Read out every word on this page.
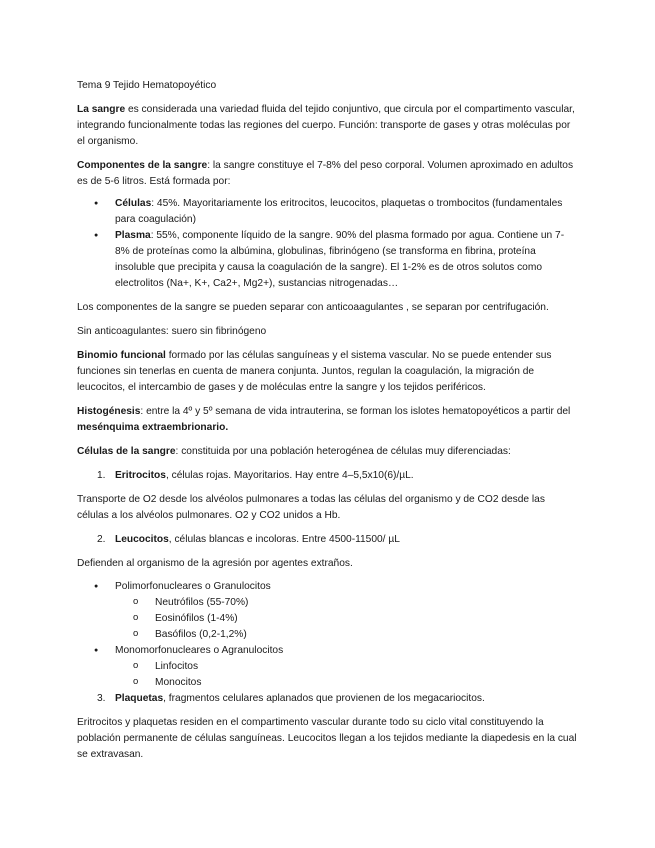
Tema 9 Tejido Hematopoyético

La sangre es considerada una variedad fluida del tejido conjuntivo, que circula por el compartimento vascular, integrando funcionalmente todas las regiones del cuerpo. Función: transporte de gases y otras moléculas por el organismo.

Componentes de la sangre: la sangre constituye el 7-8% del peso corporal. Volumen aproximado en adultos es de 5-6 litros. Está formada por:

● Células: 45%. Mayoritariamente los eritrocitos, leucocitos, plaquetas o trombocitos (fundamentales para coagulación)
● Plasma: 55%, componente líquido de la sangre. 90% del plasma formado por agua. Contiene un 7-8% de proteínas como la albúmina, globulinas, fibrinógeno (se transforma en fibrina, proteína insoluble que precipita y causa la coagulación de la sangre). El 1-2% es de otros solutos como electrolitos (Na+, K+, Ca2+, Mg2+), sustancias nitrogenadas…

Los componentes de la sangre se pueden separar con anticoaagulantes , se separan por centrifugación.

Sin anticoagulantes: suero sin fibrinógeno

Binomio funcional formado por las células sanguíneas y el sistema vascular. No se puede entender sus funciones sin tenerlas en cuenta de manera conjunta. Juntos, regulan la coagulación, la migración de leucocitos, el intercambio de gases y de moléculas entre la sangre y los tejidos periféricos.

Histogénesis: entre la 4º y 5º semana de vida intrauterina, se forman los islotes hematopoyéticos a partir del mesénquima extraembrionario.

Células de la sangre: constituida por una población heterogénea de células muy diferenciadas:

1. Eritrocitos, células rojas. Mayoritarios. Hay entre 4–5,5x10(6)/µL.

Transporte de O2 desde los alvéolos pulmonares a todas las células del organismo y de CO2 desde las células a los alvéolos pulmonares. O2 y CO2 unidos a Hb.

2. Leucocitos, células blancas e incoloras. Entre 4500-11500/ µL

Defienden al organismo de la agresión por agentes extraños.

● Polimorfonucleares o Granulocitos
o Neutrófilos (55-70%)
o Eosinófilos (1-4%)
o Basófilos (0,2-1,2%)
● Monomorfonucleares o Agranulocitos
o Linfocitos
o Monocitos
3. Plaquetas, fragmentos celulares aplanados que provienen de los megacariocitos.

Eritrocitos y plaquetas residen en el compartimento vascular durante todo su ciclo vital constituyendo la población permanente de células sanguíneas. Leucocitos llegan a los tejidos mediante la diapedesis en la cual se extravasan.
